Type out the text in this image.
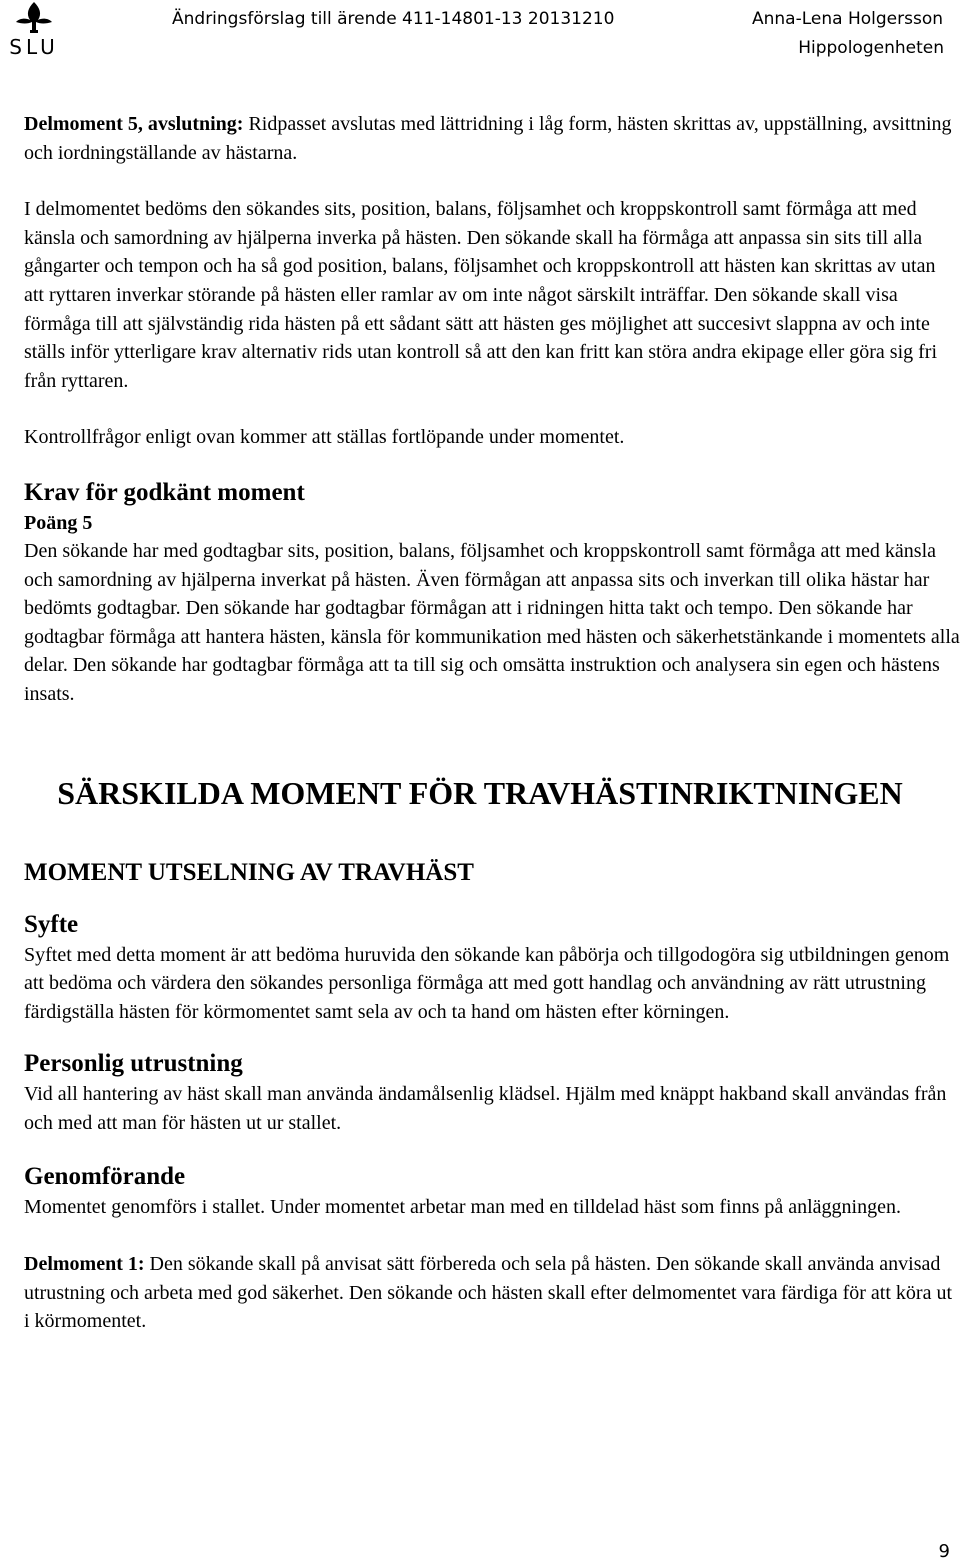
SLU
Ändringsförslag till ärende 411-14801-13 20131210	Anna-Lena Holgersson
Hippologenheten

Delmoment 5, avslutning: Ridpasset avslutas med lättridning i låg form, hästen skrittas av, uppställning, avsittning och iordningställande av hästarna.

I delmomentet bedöms den sökandes sits, position, balans, följsamhet och kroppskontroll samt förmåga att med känsla och samordning av hjälperna inverka på hästen. Den sökande skall ha förmåga att anpassa sin sits till alla gångarter och tempon och ha så god position, balans, följsamhet och kroppskontroll att hästen kan skrittas av utan att ryttaren inverkar störande på hästen eller ramlar av om inte något särskilt inträffar. Den sökande skall visa förmåga till att självständig rida hästen på ett sådant sätt att hästen ges möjlighet att succesivt slappna av och inte ställs inför ytterligare krav alternativ rids utan kontroll så att den kan fritt kan störa andra ekipage eller göra sig fri från ryttaren.

Kontrollfrågor enligt ovan kommer att ställas fortlöpande under momentet.

Krav för godkänt moment
Poäng 5

Den sökande har med godtagbar sits, position, balans, följsamhet och kroppskontroll samt förmåga att med känsla och samordning av hjälperna inverkat på hästen. Även förmågan att anpassa sits och inverkan till olika hästar har bedömts godtagbar. Den sökande har godtagbar förmågan att i ridningen hitta takt och tempo. Den sökande har godtagbar förmåga att hantera hästen, känsla för kommunikation med hästen och säkerhetstänkande i momentets alla delar. Den sökande har godtagbar förmåga att ta till sig och omsätta instruktion och analysera sin egen och hästens insats.

SÄRSKILDA MOMENT FÖR TRAVHÄSTINRIKTNINGEN
MOMENT UTSELNING AV TRAVHÄST
Syfte

Syftet med detta moment är att bedöma huruvida den sökande kan påbörja och tillgodogöra sig utbildningen genom att bedöma och värdera den sökandes personliga förmåga att med gott handlag och användning av rätt utrustning färdigställa hästen för körmomentet samt sela av och ta hand om hästen efter körningen.

Personlig utrustning

Vid all hantering av häst skall man använda ändamålsenlig klädsel. Hjälm med knäppt hakband skall användas från och med att man för hästen ut ur stallet.

Genomförande

Momentet genomförs i stallet. Under momentet arbetar man med en tilldelad häst som finns på anläggningen.

Delmoment 1: Den sökande skall på anvisat sätt förbereda och sela på hästen. Den sökande skall använda anvisad utrustning och arbeta med god säkerhet. Den sökande och hästen skall efter delmomentet vara färdiga för att köra ut i körmomentet.

9
